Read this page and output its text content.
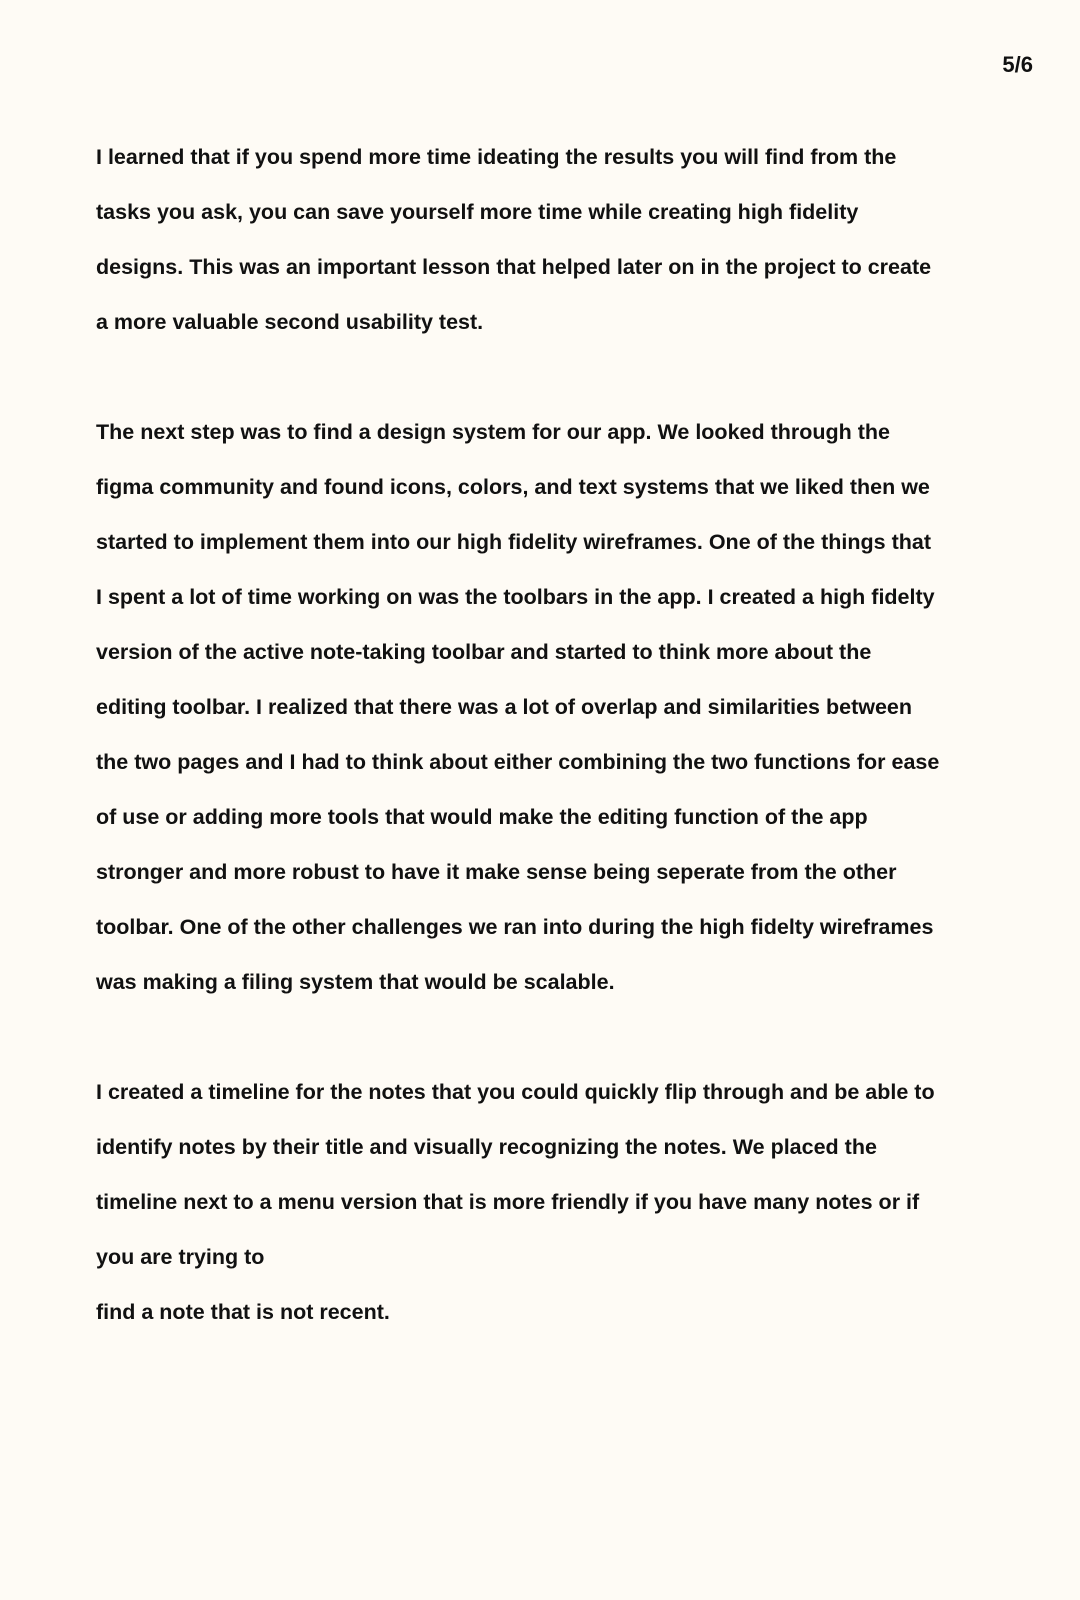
5/6

I learned that if you spend more time ideating the results you will find from the
tasks you ask, you can save yourself more time while creating high fidelity
designs. This was an important lesson that helped later on in the project to create
a more valuable second usability test.

The next step was to find a design system for our app. We looked through the
figma community and found icons, colors, and text systems that we liked then we
started to implement them into our high fidelity wireframes. One of the things that
I spent a lot of time working on was the toolbars in the app. I created a high fidelty
version of the active note-taking toolbar and started to think more about the
editing toolbar. I realized that there was a lot of overlap and similarities between
the two pages and I had to think about either combining the two functions for ease
of use or adding more tools that would make the editing function of the app
stronger and more robust to have it make sense being seperate from the other
toolbar. One of the other challenges we ran into during the high fidelty wireframes
was making a filing system that would be scalable.

I created a timeline for the notes that you could quickly flip through and be able to
identify notes by their title and visually recognizing the notes. We placed the
timeline next to a menu version that is more friendly if you have many notes or if
you are trying to
find a note that is not recent.
